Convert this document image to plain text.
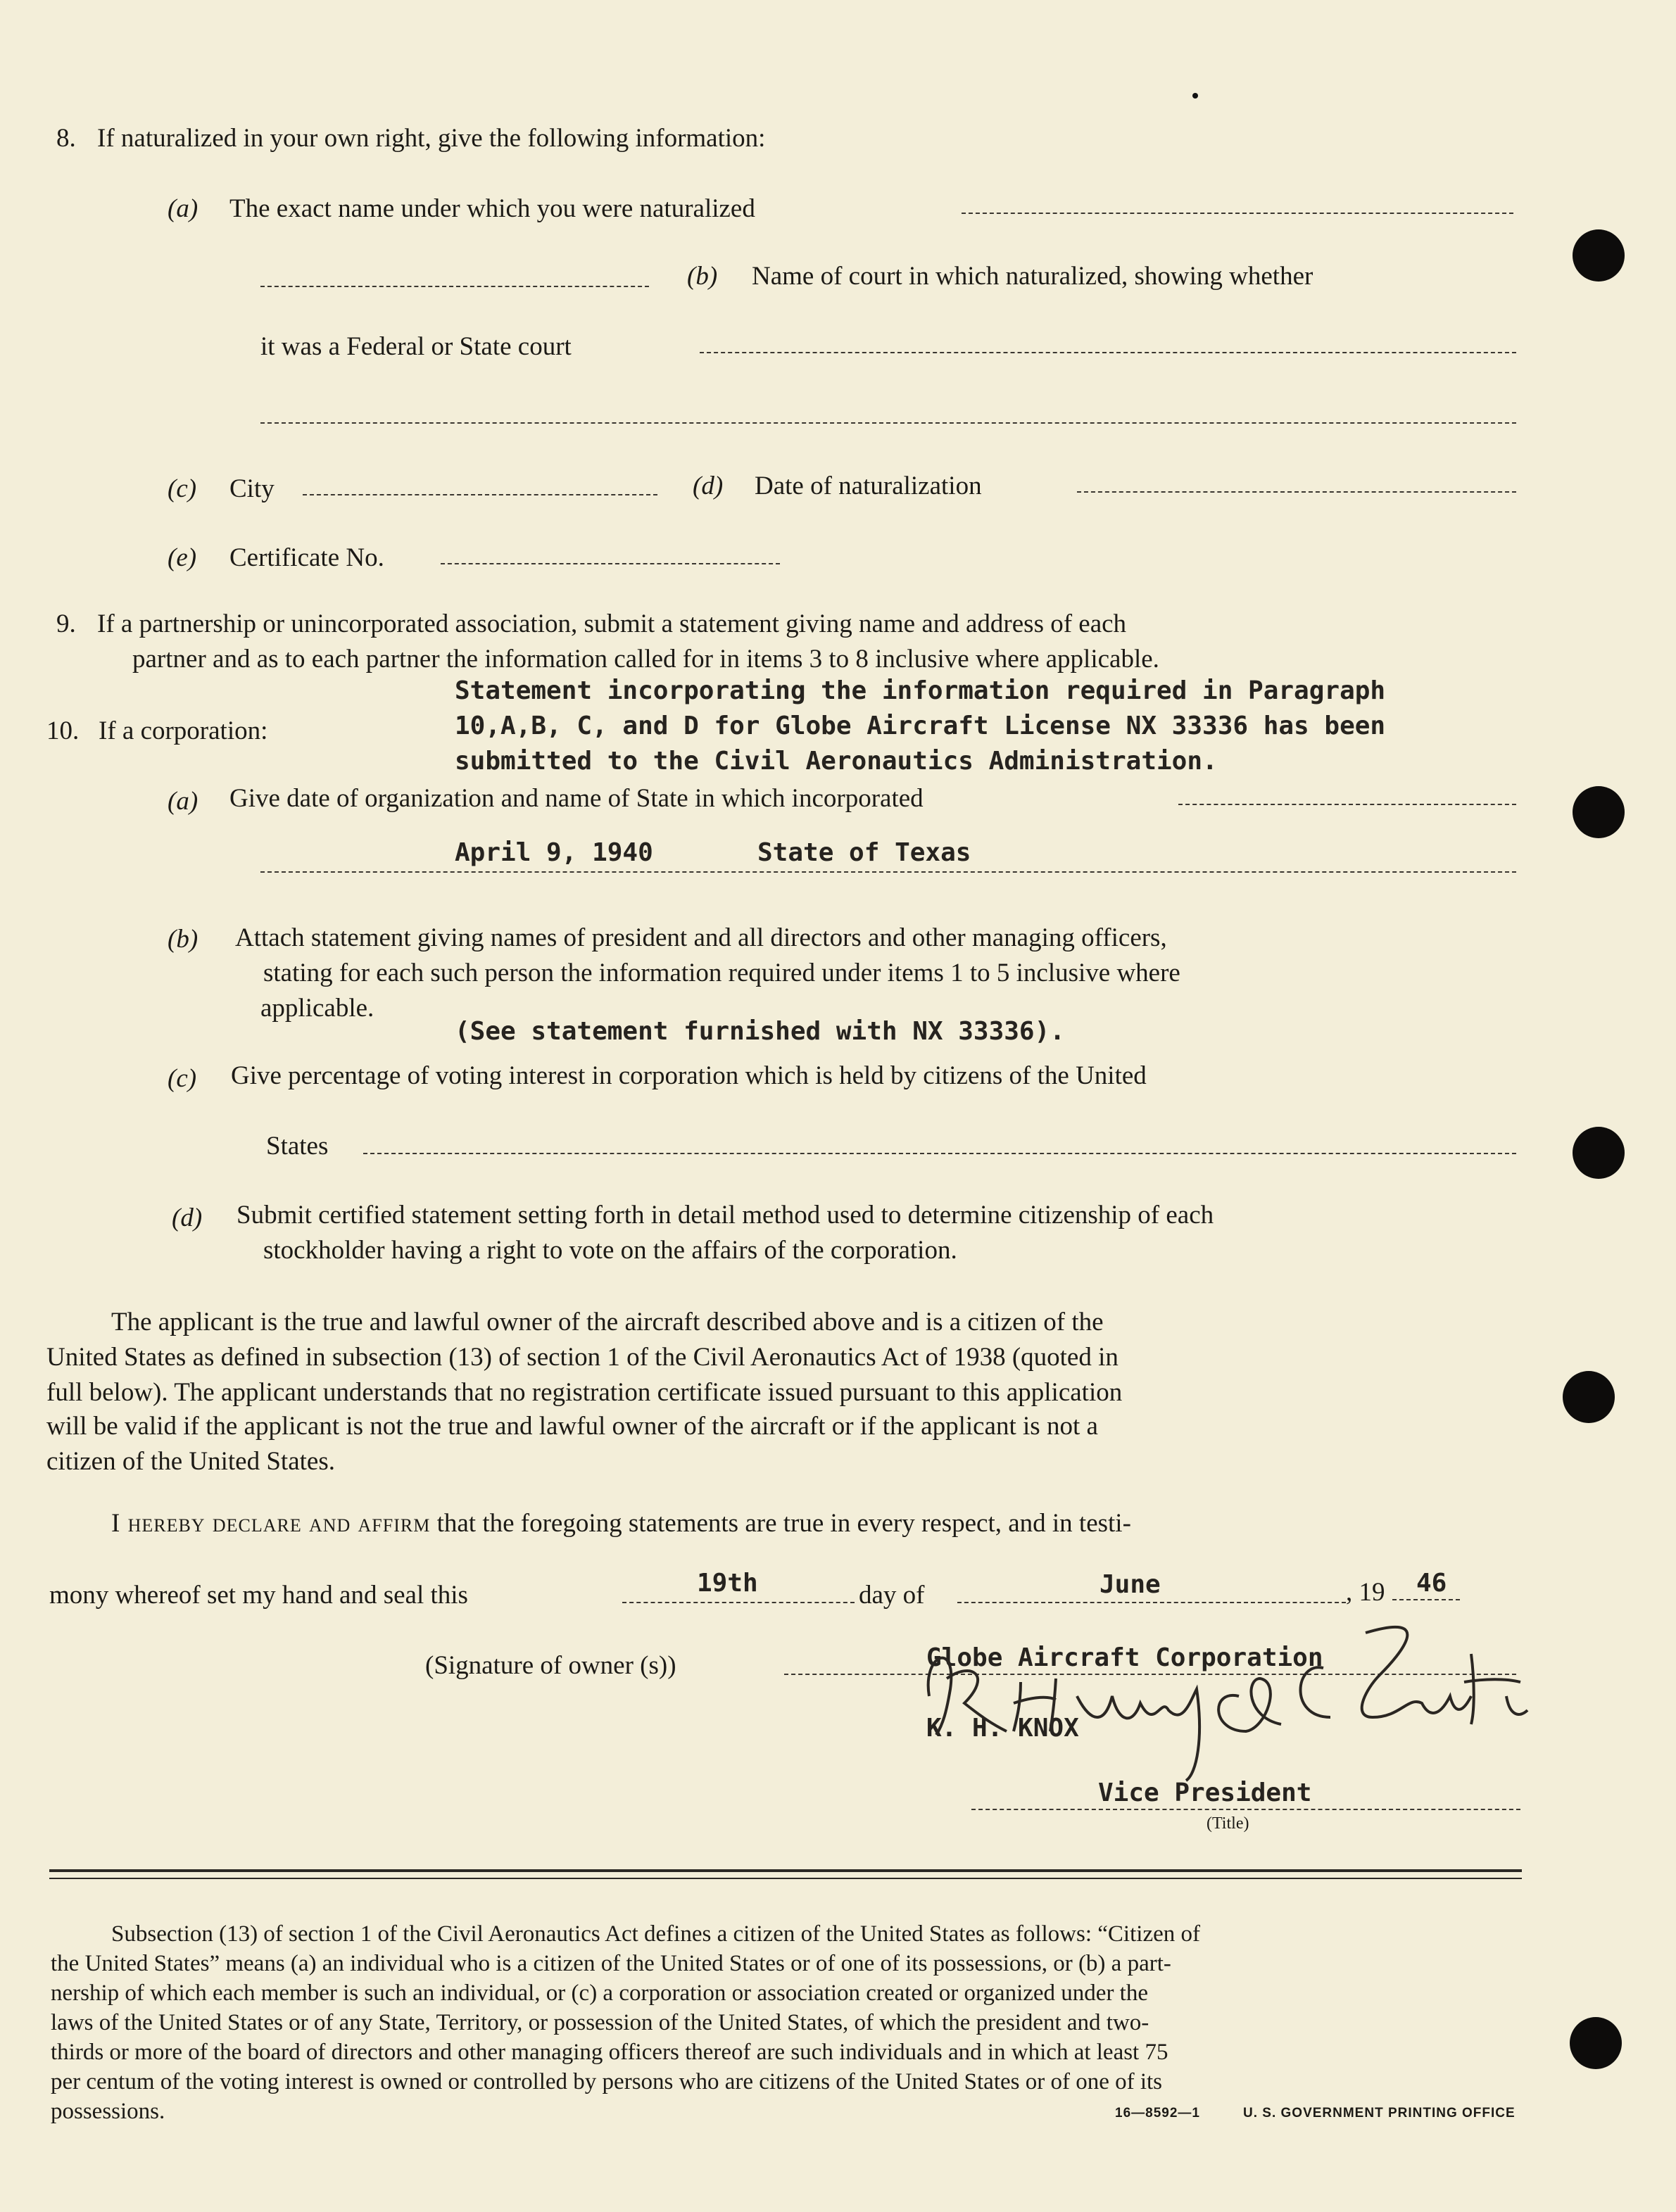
8. If naturalized in your own right, give the following information:
(a) The exact name under which you were naturalized
(b) Name of court in which naturalized, showing whether
it was a Federal or State court
(c) City	(d) Date of naturalization
(e) Certificate No.
9. If a partnership or unincorporated association, submit a statement giving name and address of each
partner and as to each partner the information called for in items 3 to 8 inclusive where applicable.
Statement incorporating the information required in Paragraph
10. If a corporation:	10,A,B, C, and D for Globe Aircraft License NX 33336 has been
submitted to the Civil Aeronautics Administration.
(a) Give date of organization and name of State in which incorporated
April 9, 1940	State of Texas
(b) Attach statement giving names of president and all directors and other managing officers,
stating for each such person the information required under items 1 to 5 inclusive where
applicable.
(See statement furnished with NX 33336).
(c) Give percentage of voting interest in corporation which is held by citizens of the United
States
(d) Submit certified statement setting forth in detail method used to determine citizenship of each
stockholder having a right to vote on the affairs of the corporation.
The applicant is the true and lawful owner of the aircraft described above and is a citizen of the
United States as defined in subsection (13) of section 1 of the Civil Aeronautics Act of 1938 (quoted in
full below). The applicant understands that no registration certificate issued pursuant to this application
will be valid if the applicant is not the true and lawful owner of the aircraft or if the applicant is not a
citizen of the United States.
I hereby declare and affirm that the foregoing statements are true in every respect, and in testi-
mony whereof set my hand and seal this	19th	day of	June	, 19 46
(Signature of owner (s))	Globe Aircraft Corporation
K. H. KNOX
Vice President
(Title)
Subsection (13) of section 1 of the Civil Aeronautics Act defines a citizen of the United States as follows: “Citizen of
the United States” means (a) an individual who is a citizen of the United States or of one of its possessions, or (b) a part-
nership of which each member is such an individual, or (c) a corporation or association created or organized under the
laws of the United States or of any State, Territory, or possession of the United States, of which the president and two-
thirds or more of the board of directors and other managing officers thereof are such individuals and in which at least 75
per centum of the voting interest is owned or controlled by persons who are citizens of the United States or of one of its
possessions.	16—8592—1	U. S. GOVERNMENT PRINTING OFFICE
